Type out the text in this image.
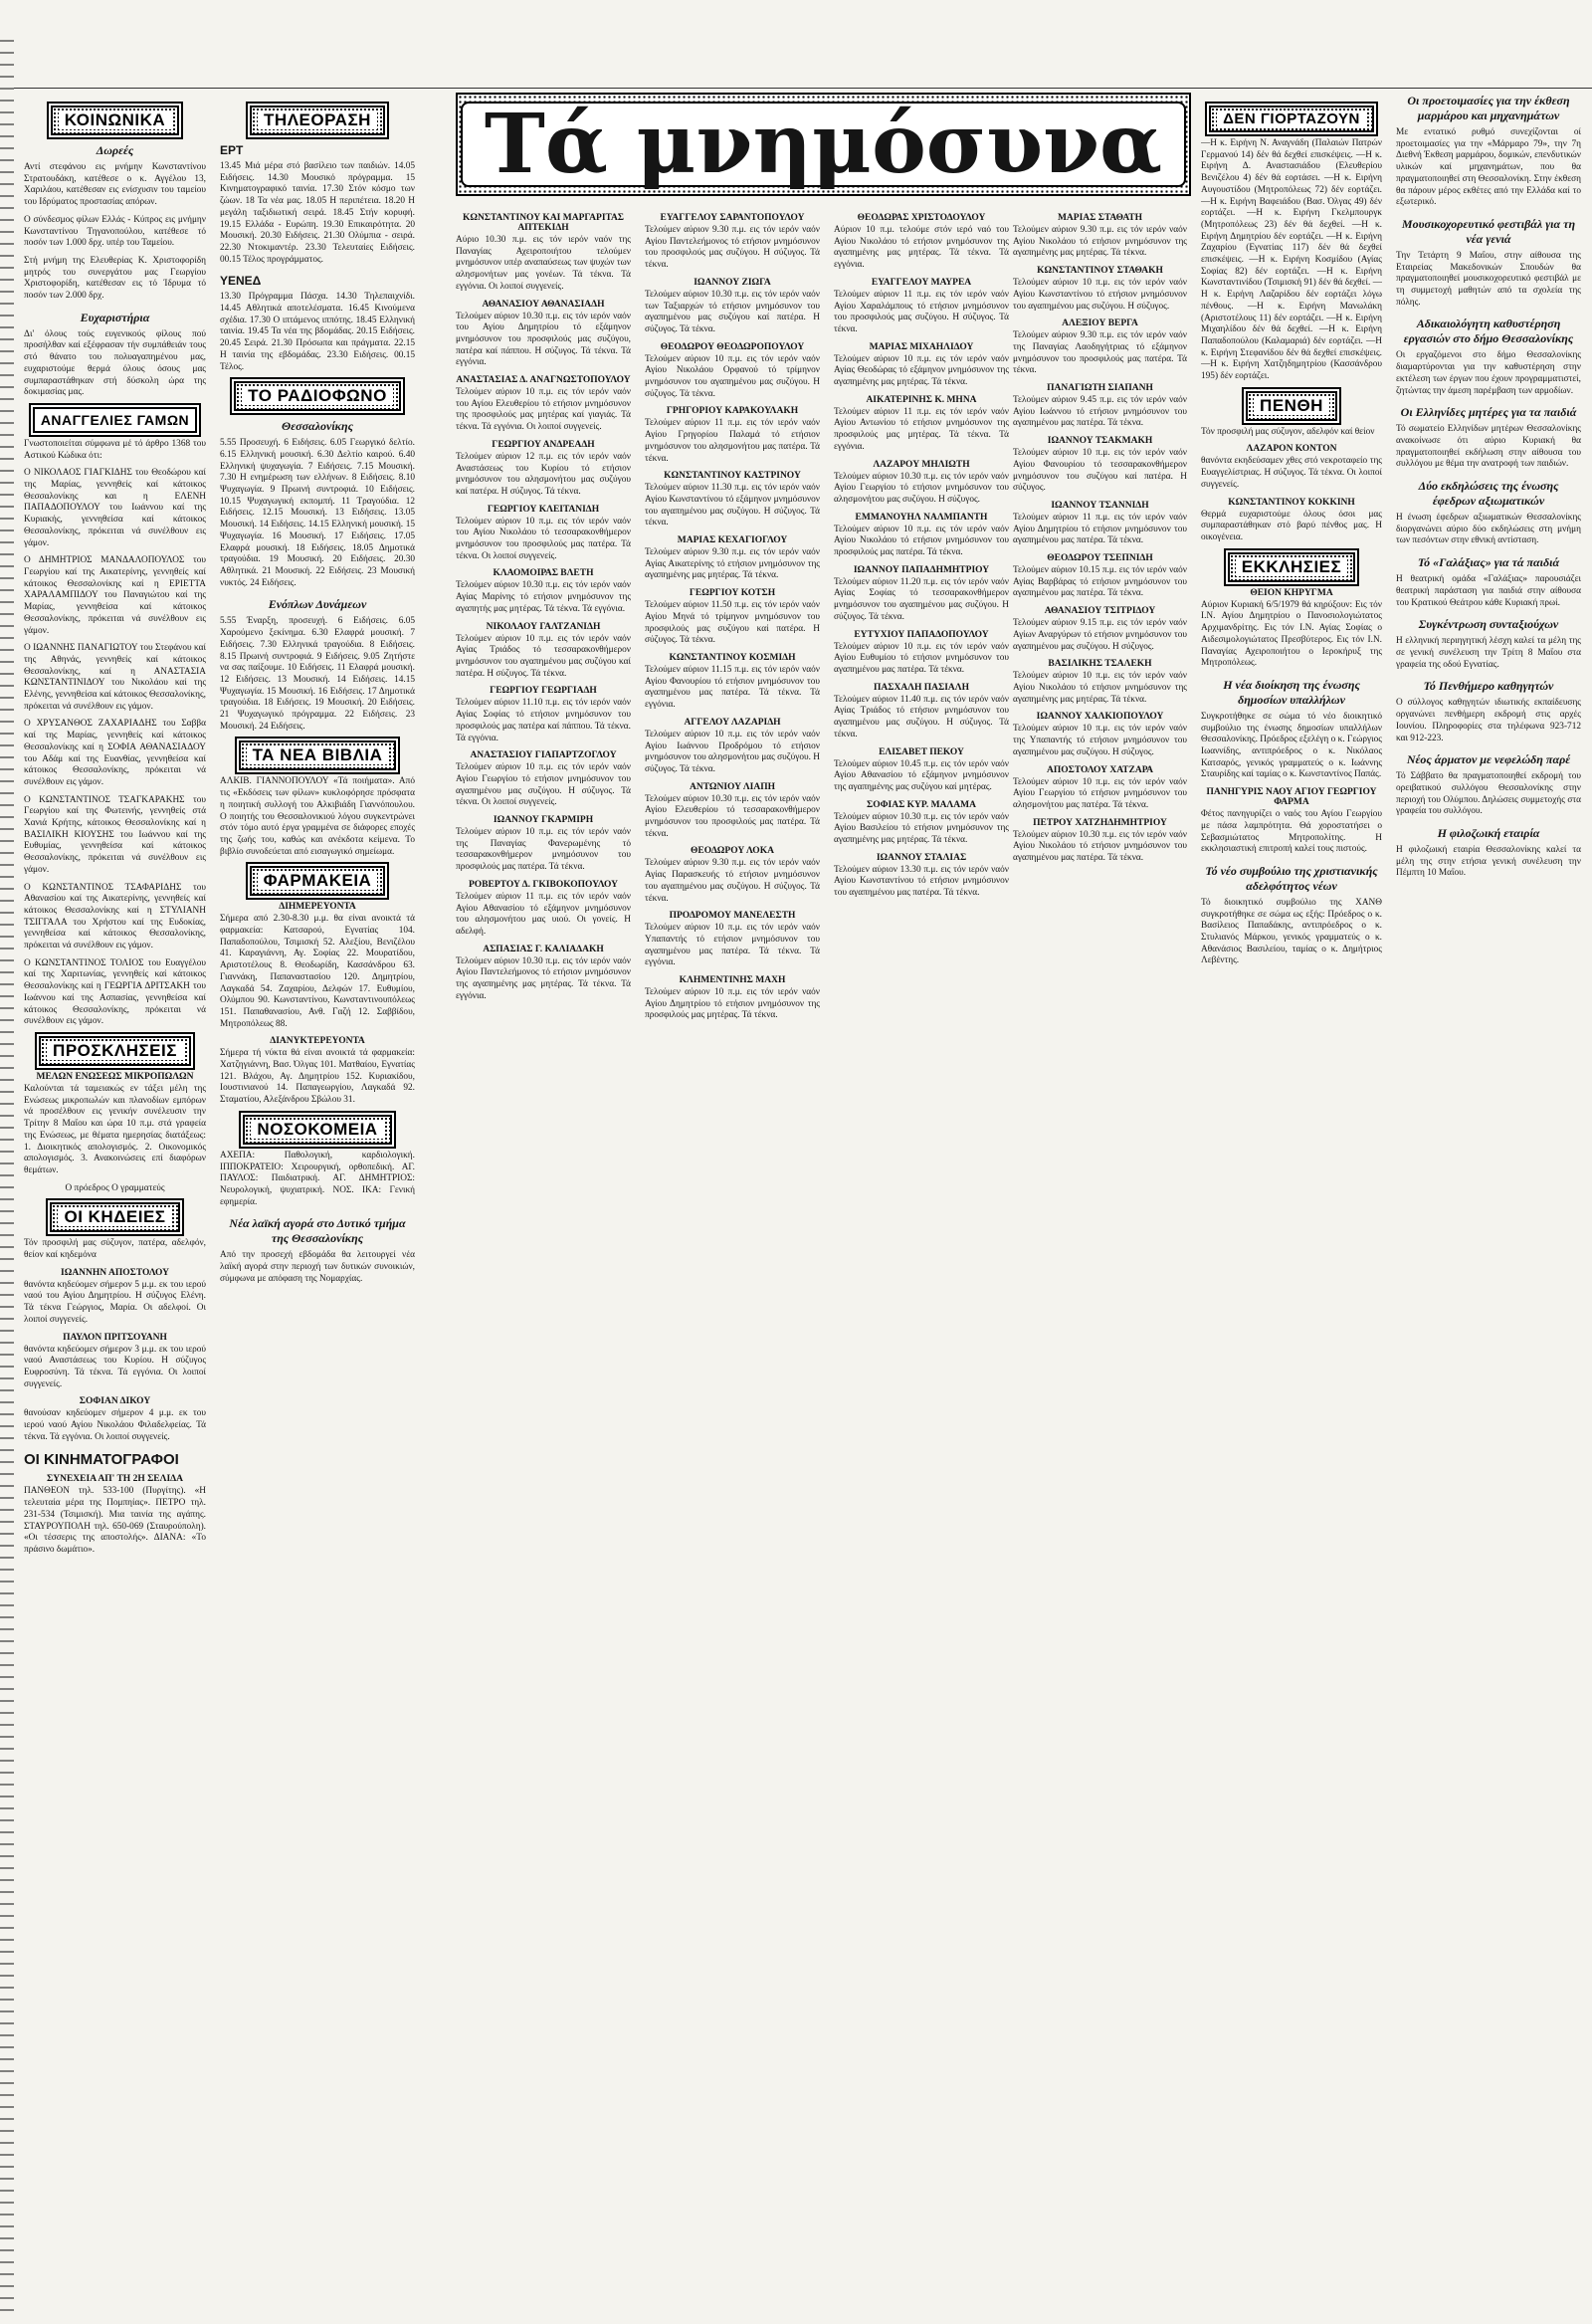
ΚΟΙΝΩΝΙΚΑ
Δωρεές

Αντί στεφάνου εις μνήμην Κωνσταντίνου Στρατουδάκη, κατέθεσε ο κ. Αγγέλου 13, Χαριλάου, κατέθεσαν εις ενίσχυσιν του ταμείου του Ιδρύματος προστασίας απόρων.

Ο σύνδεσμος φίλων Ελλάς - Κύπρος εις μνήμην Κωνσταντίνου Τηγανοπούλου, κατέθεσε τό ποσόν των 1.000 δρχ. υπέρ του Ταμείου.

Στή μνήμη της Ελευθερίας Κ. Χριστοφορίδη μητρός του συνεργάτου μας Γεωργίου Χριστοφορίδη, κατέθεσαν εις τό Ίδρυμα τό ποσόν των 2.000 δρχ.

Ευχαριστήρια

Δι' όλους τούς ευγενικούς φίλους πού προσήλθαν καί εξέφρασαν τήν συμπάθειάν τους στό θάνατο του πολυαγαπημένου μας, ευχαριστούμε θερμά όλους όσους μας συμπαραστάθηκαν στή δύσκολη ώρα της δοκιμασίας μας.

ΑΝΑΓΓΕΛΙΕΣ ΓΑΜΩΝ

Γνωστοποιείται σύμφωνα μέ τό άρθρο 1368 του Αστικού Κώδικα ότι:

Ο ΝΙΚΟΛΑΟΣ ΓΙΑΓΚΙΔΗΣ του Θεοδώρου καί της Μαρίας, γεννηθείς καί κάτοικος Θεσσαλονίκης και η ΕΛΕΝΗ ΠΑΠΑΔΟΠΟΥΛΟΥ του Ιωάννου καί της Κυριακής, γεννηθείσα καί κάτοικος Θεσσαλονίκης, πρόκειται νά συνέλθουν εις γάμον.

Ο ΔΗΜΗΤΡΙΟΣ ΜΑΝΔΑΛΟΠΟΥΛΟΣ του Γεωργίου καί της Αικατερίνης, γεννηθείς καί κάτοικος Θεσσαλονίκης καί η ΕΡΙΕΤΤΑ ΧΑΡΑΛΑΜΠΙΔΟΥ του Παναγιώτου καί της Μαρίας, γεννηθείσα καί κάτοικος Θεσσαλονίκης, πρόκειται νά συνέλθουν εις γάμον.

Ο ΙΩΑΝΝΗΣ ΠΑΝΑΓΙΩΤΟΥ του Στεφάνου καί της Αθηνάς, γεννηθείς καί κάτοικος Θεσσαλονίκης, καί η ΑΝΑΣΤΑΣΙΑ ΚΩΝΣΤΑΝΤΙΝΙΔΟΥ του Νικολάου καί της Ελένης, γεννηθείσα καί κάτοικος Θεσσαλονίκης, πρόκειται νά συνέλθουν εις γάμον.

Ο ΧΡΥΣΑΝΘΟΣ ΖΑΧΑΡΙΑΔΗΣ του Σαββα καί της Μαρίας, γεννηθείς καί κάτοικος Θεσσαλονίκης καί η ΣΟΦΙΑ ΑΘΑΝΑΣΙΑΔΟΥ του Αδάμ καί της Ευανθίας, γεννηθείσα καί κάτοικος Θεσσαλονίκης, πρόκειται νά συνέλθουν εις γάμον.

Ο ΚΩΝΣΤΑΝΤΙΝΟΣ ΤΣΑΓΚΑΡΑΚΗΣ του Γεωργίου καί της Φωτεινής, γεννηθείς στά Χανιά Κρήτης, κάτοικος Θεσσαλονίκης καί η ΒΑΣΙΛΙΚΗ ΚΙΟΥΣΗΣ του Ιωάννου καί της Ευθυμίας, γεννηθείσα καί κάτοικος Θεσσαλονίκης, πρόκειται νά συνέλθουν εις γάμον.

Ο ΚΩΝΣΤΑΝΤΙΝΟΣ ΤΣΑΦΑΡΙΔΗΣ του Αθανασίου καί της Αικατερίνης, γεννηθείς καί κάτοικος Θεσσαλονίκης καί η ΣΤΥΛΙΑΝΗ ΤΣΙΓΓΑΛΑ του Χρήστου καί της Ευδοκίας, γεννηθείσα καί κάτοικος Θεσσαλονίκης, πρόκειται νά συνέλθουν εις γάμον.

Ο ΚΩΝΣΤΑΝΤΙΝΟΣ ΤΟΛΙΟΣ του Ευαγγέλου καί της Χαριτωνίας, γεννηθείς καί κάτοικος Θεσσαλονίκης καί η ΓΕΩΡΓΙΑ ΔΡΙΤΣΑΚΗ του Ιωάννου καί της Ασπασίας, γεννηθείσα καί κάτοικος Θεσσαλονίκης, πρόκειται νά συνέλθουν εις γάμον.

ΠΡΟΣΚΛΗΣΕΙΣ
ΜΕΛΩΝ ΕΝΩΣΕΩΣ ΜΙΚΡΟΠΩΛΩΝ

Καλούνται τά ταμειακώς εν τάξει μέλη της Ενώσεως μικροπωλών και πλανοδίων εμπόρων νά προσέλθουν εις γενικήν συνέλευσιν την Τρίτην 8 Μαΐου και ώρα 10 π.μ. στά γραφεία της Ενώσεως, με θέματα ημερησίας διατάξεως: 1. Διοικητικός απολογισμός. 2. Οικονομικός απολογισμός. 3. Ανακοινώσεις επί διαφόρων θεμάτων.

Ο πρόεδρος Ο γραμματεύς

ΟΙ ΚΗΔΕΙΕΣ

Τόν προσφιλή μας σύζυγον, πατέρα, αδελφόν, θείον καί κηδεμόνα

ΙΩΑΝΝΗΝ ΑΠΟΣΤΟΛΟΥ

θανόντα κηδεύομεν σήμερον 5 μ.μ. εκ του ιερού ναού του Αγίου Δημητρίου. Η σύζυγος Ελένη. Τά τέκνα Γεώργιος, Μαρία. Οι αδελφοί. Οι λοιποί συγγενείς.

ΠΑΥΛΟΝ ΠΡΙΤΣΟΥΑΝΗ

θανόντα κηδεύομεν σήμερον 3 μ.μ. εκ του ιερού ναού Αναστάσεως του Κυρίου. Η σύζυγος Ευφροσύνη. Τά τέκνα. Τά εγγόνια. Οι λοιποί συγγενείς.

ΣΟΦΙΑΝ ΔΙΚΟΥ

θανούσαν κηδεύομεν σήμερον 4 μ.μ. εκ του ιερού ναού Αγίου Νικολάου Φιλαδελφείας. Τά τέκνα. Τά εγγόνια. Οι λοιποί συγγενείς.

ΟΙ ΚΙΝΗΜΑΤΟΓΡΑΦΟΙ
ΣΥΝΕΧΕΙΑ ΑΠ' ΤΗ 2Η ΣΕΛΙΔΑ

ΠΑΝΘΕΟΝ τηλ. 533-100 (Πυργίτης). «Η τελευταία μέρα της Πομπηίας». ΠΕΤΡΟ τηλ. 231-534 (Τσιμισκή). Μια ταινία της αγάπης. ΣΤΑΥΡΟΥΠΟΛΗ τηλ. 650-069 (Σταυρούπολη). «Οι τέσσερις της αποστολής». ΔΙΑΝΑ: «Το πράσινο δωμάτιο».

ΤΗΛΕΟΡΑΣΗ
ΕΡΤ

13.45 Μιά μέρα στό βασίλειο των παιδιών. 14.05 Ειδήσεις. 14.30 Μουσικό πρόγραμμα. 15 Κινηματογραφικό ταινία. 17.30 Στόν κόσμο των ζώων. 18 Τα νέα μας. 18.05 Η περιπέτεια. 18.20 Η μεγάλη ταξιδιωτική σειρά. 18.45 Στήν κορυφή. 19.15 Ελλάδα - Ευρώπη. 19.30 Επικαιρότητα. 20 Μουσική. 20.30 Ειδήσεις. 21.30 Ολύμπια - σειρά. 22.30 Ντοκιμαντέρ. 23.30 Τελευταίες Ειδήσεις. 00.15 Τέλος προγράμματος.

ΥΕΝΕΔ

13.30 Πρόγραμμα Πάσχα. 14.30 Τηλεπαιχνίδι. 14.45 Αθλητικά αποτελέσματα. 16.45 Κινούμενα σχέδια. 17.30 Ο ιπτάμενος ιππότης. 18.45 Ελληνική ταινία. 19.45 Τα νέα της βδομάδας. 20.15 Ειδήσεις. 20.45 Σειρά. 21.30 Πρόσωπα και πράγματα. 22.15 Η ταινία της εβδομάδας. 23.30 Ειδήσεις. 00.15 Τέλος.

ΤΟ ΡΑΔΙΟΦΩΝΟ
Θεσσαλονίκης

5.55 Προσευχή. 6 Ειδήσεις. 6.05 Γεωργικό δελτίο. 6.15 Ελληνική μουσική. 6.30 Δελτίο καιρού. 6.40 Ελληνική ψυχαγωγία. 7 Ειδήσεις. 7.15 Μουσική. 7.30 Η ενημέρωση των ελλήνων. 8 Ειδήσεις. 8.10 Ψυχαγωγία. 9 Πρωινή συντροφιά. 10 Ειδήσεις. 10.15 Ψυχαγωγική εκπομπή. 11 Τραγούδια. 12 Ειδήσεις. 12.15 Μουσική. 13 Ειδήσεις. 13.05 Μουσική. 14 Ειδήσεις. 14.15 Ελληνική μουσική. 15 Ψυχαγωγία. 16 Μουσική. 17 Ειδήσεις. 17.05 Ελαφρά μουσική. 18 Ειδήσεις. 18.05 Δημοτικά τραγούδια. 19 Μουσική. 20 Ειδήσεις. 20.30 Αθλητικά. 21 Μουσική. 22 Ειδήσεις. 23 Μουσική νυκτός. 24 Ειδήσεις.

Ενόπλων Δυνάμεων

5.55 Έναρξη, προσευχή. 6 Ειδήσεις. 6.05 Χαρούμενο ξεκίνημα. 6.30 Ελαφρά μουσική. 7 Ειδήσεις. 7.30 Ελληνικά τραγούδια. 8 Ειδήσεις. 8.15 Πρωινή συντροφιά. 9 Ειδήσεις. 9.05 Ζητήστε να σας παίξουμε. 10 Ειδήσεις. 11 Ελαφρά μουσική. 12 Ειδήσεις. 13 Μουσική. 14 Ειδήσεις. 14.15 Ψυχαγωγία. 15 Μουσική. 16 Ειδήσεις. 17 Δημοτικά τραγούδια. 18 Ειδήσεις. 19 Μουσική. 20 Ειδήσεις. 21 Ψυχαγωγικό πρόγραμμα. 22 Ειδήσεις. 23 Μουσική. 24 Ειδήσεις.

ΤΑ ΝΕΑ ΒΙΒΛΙΑ

ΑΛΚΙΒ. ΓΙΑΝΝΟΠΟΥΛΟΥ «Τά ποιήματα». Από τις «Εκδόσεις των φίλων» κυκλοφόρησε πρόσφατα η ποιητική συλλογή του Αλκιβιάδη Γιαννόπουλου. Ο ποιητής του Θεσσαλονικιού λόγου συγκεντρώνει στόν τόμο αυτό έργα γραμμένα σε διάφορες εποχές της ζωής του, καθώς και ανέκδοτα κείμενα. Το βιβλίο συνοδεύεται από εισαγωγικό σημείωμα.

ΦΑΡΜΑΚΕΙΑ
ΔΙΗΜΕΡΕΥΟΝΤΑ

Σήμερα από 2.30-8.30 μ.μ. θα είναι ανοικτά τά φαρμακεία: Κατσαρού, Εγνατίας 104. Παπαδοπούλου, Τσιμισκή 52. Αλεξίου, Βενιζέλου 41. Καραγιάννη, Αγ. Σοφίας 22. Μουρατίδου, Αριστοτέλους 8. Θεοδωρίδη, Κασσάνδρου 63. Γιαννάκη, Παπαναστασίου 120. Δημητρίου, Λαγκαδά 54. Ζαχαρίου, Δελφών 17. Ευθυμίου, Ολύμπου 90. Κωνσταντίνου, Κωνσταντινουπόλεως 151. Παπαθανασίου, Ανθ. Γαζή 12. Σαββίδου, Μητροπόλεως 88.

ΔΙΑΝΥΚΤΕΡΕΥΟΝΤΑ

Σήμερα τή νύκτα θά είναι ανοικτά τά φαρμακεία: Χατζηγιάννη, Βασ. Όλγας 101. Ματθαίου, Εγνατίας 121. Βλάχου, Αγ. Δημητρίου 152. Κυριακίδου, Ιουστινιανού 14. Παπαγεωργίου, Λαγκαδά 92. Σταματίου, Αλεξάνδρου Σβώλου 31.

ΝΟΣΟΚΟΜΕΙΑ

ΑΧΕΠΑ: Παθολογική, καρδιολογική. ΙΠΠΟΚΡΑΤΕΙΟ: Χειρουργική, ορθοπεδική. ΑΓ. ΠΑΥΛΟΣ: Παιδιατρική. ΑΓ. ΔΗΜΗΤΡΙΟΣ: Νευρολογική, ψυχιατρική. ΝΟΣ. ΙΚΑ: Γενική εφημερία.

Νέα λαϊκή αγορά στο Δυτικό τμήμα της Θεσσαλονίκης

Από την προσεχή εβδομάδα θα λειτουργεί νέα λαϊκή αγορά στην περιοχή των δυτικών συνοικιών, σύμφωνα με απόφαση της Νομαρχίας.

Τά μνημόσυνα
ΚΩΝΣΤΑΝΤΙΝΟΥ ΚΑΙ ΜΑΡΓΑΡΙΤΑΣ ΑΠΤΕΚΙΔΗ

Αύριο 10.30 π.μ. εις τόν ιερόν ναόν της Παναγίας Αχειροποιήτου τελούμεν μνημόσυνον υπέρ αναπαύσεως των ψυχών των αλησμονήτων μας γονέων. Τά τέκνα. Τά εγγόνια. Οι λοιποί συγγενείς.

ΑΘΑΝΑΣΙΟΥ ΑΘΑΝΑΣΙΑΔΗ

Τελούμεν αύριον 10.30 π.μ. εις τόν ιερόν ναόν του Αγίου Δημητρίου τό εξάμηνον μνημόσυνον του προσφιλούς μας συζύγου, πατέρα καί πάππου. Η σύζυγος. Τά τέκνα. Τά εγγόνια.

ΑΝΑΣΤΑΣΙΑΣ Δ. ΑΝΑΓΝΩΣΤΟΠΟΥΛΟΥ

Τελούμεν αύριον 10 π.μ. εις τόν ιερόν ναόν του Αγίου Ελευθερίου τό ετήσιον μνημόσυνον της προσφιλούς μας μητέρας καί γιαγιάς. Τά τέκνα. Τά εγγόνια. Οι λοιποί συγγενείς.

ΓΕΩΡΓΙΟΥ ΑΝΔΡΕΑΔΗ

Τελούμεν αύριον 12 π.μ. εις τόν ιερόν ναόν Αναστάσεως του Κυρίου τό ετήσιον μνημόσυνον του αλησμονήτου μας συζύγου καί πατέρα. Η σύζυγος. Τά τέκνα.

ΓΕΩΡΓΙΟΥ ΚΛΕΙΤΑΝΙΔΗ

Τελούμεν αύριον 10 π.μ. εις τόν ιερόν ναόν του Αγίου Νικολάου τό τεσσαρακονθήμερον μνημόσυνον του προσφιλούς μας πατέρα. Τά τέκνα. Οι λοιποί συγγενείς.

ΚΛΑΟΜΟΙΡΑΣ ΒΛΕΤΗ

Τελούμεν αύριον 10.30 π.μ. εις τόν ιερόν ναόν Αγίας Μαρίνης τό ετήσιον μνημόσυνον της αγαπητής μας μητέρας. Τά τέκνα. Τά εγγόνια.

ΝΙΚΟΛΑΟΥ ΓΑΛΤΖΑΝΙΔΗ

Τελούμεν αύριον 10 π.μ. εις τόν ιερόν ναόν Αγίας Τριάδος τό τεσσαρακονθήμερον μνημόσυνον του αγαπημένου μας συζύγου καί πατέρα. Η σύζυγος. Τά τέκνα.

ΓΕΩΡΓΙΟΥ ΓΕΩΡΓΙΑΔΗ

Τελούμεν αύριον 11.10 π.μ. εις τόν ιερόν ναόν Αγίας Σοφίας τό ετήσιον μνημόσυνον του προσφιλούς μας πατέρα καί πάππου. Τά τέκνα. Τά εγγόνια.

ΑΝΑΣΤΑΣΙΟΥ ΓΙΑΠΑΡΤΖΟΓΛΟΥ

Τελούμεν αύριον 10 π.μ. εις τόν ιερόν ναόν Αγίου Γεωργίου τό ετήσιον μνημόσυνον του αγαπημένου μας συζύγου. Η σύζυγος. Τά τέκνα. Οι λοιποί συγγενείς.

ΙΩΑΝΝΟΥ ΓΚΑΡΜΙΡΗ

Τελούμεν αύριον 10 π.μ. εις τόν ιερόν ναόν της Παναγίας Φανερωμένης τό τεσσαρακονθήμερον μνημόσυνον του προσφιλούς μας πατέρα. Τά τέκνα.

ΡΟΒΕΡΤΟΥ Δ. ΓΚΙΒΟΚΟΠΟΥΛΟΥ

Τελούμεν αύριον 11 π.μ. εις τόν ιερόν ναόν Αγίου Αθανασίου τό εξάμηνον μνημόσυνον του αλησμονήτου μας υιού. Οι γονείς. Η αδελφή.

ΑΣΠΑΣΙΑΣ Γ. ΚΑΛΙΑΔΑΚΗ

Τελούμεν αύριον 10.30 π.μ. εις τόν ιερόν ναόν Αγίου Παντελεήμονος τό ετήσιον μνημόσυνον της αγαπημένης μας μητέρας. Τά τέκνα. Τά εγγόνια.

ΕΥΑΓΓΕΛΟΥ ΣΑΡΑΝΤΟΠΟΥΛΟΥ

Τελούμεν αύριον 9.30 π.μ. εις τόν ιερόν ναόν Αγίου Παντελεήμονος τό ετήσιον μνημόσυνον του προσφιλούς μας συζύγου. Η σύζυγος. Τά τέκνα.

ΙΩΑΝΝΟΥ ΖΙΩΓΑ

Τελούμεν αύριον 10.30 π.μ. εις τόν ιερόν ναόν των Ταξιαρχών τό ετήσιον μνημόσυνον του αγαπημένου μας συζύγου καί πατέρα. Η σύζυγος. Τά τέκνα.

ΘΕΟΔΩΡΟΥ ΘΕΟΔΩΡΟΠΟΥΛΟΥ

Τελούμεν αύριον 10 π.μ. εις τόν ιερόν ναόν Αγίου Νικολάου Ορφανού τό τρίμηνον μνημόσυνον του αγαπημένου μας συζύγου. Η σύζυγος. Τά τέκνα.

ΓΡΗΓΟΡΙΟΥ ΚΑΡΑΚΟΥΛΑΚΗ

Τελούμεν αύριον 11 π.μ. εις τόν ιερόν ναόν Αγίου Γρηγορίου Παλαμά τό ετήσιον μνημόσυνον του αλησμονήτου μας πατέρα. Τά τέκνα.

ΚΩΝΣΤΑΝΤΙΝΟΥ ΚΑΣΤΡΙΝΟΥ

Τελούμεν αύριον 11.30 π.μ. εις τόν ιερόν ναόν Αγίου Κωνσταντίνου τό εξάμηνον μνημόσυνον του αγαπημένου μας συζύγου. Η σύζυγος. Τά τέκνα.

ΜΑΡΙΑΣ ΚΕΧΑΓΙΟΓΛΟΥ

Τελούμεν αύριον 9.30 π.μ. εις τόν ιερόν ναόν Αγίας Αικατερίνης τό ετήσιον μνημόσυνον της αγαπημένης μας μητέρας. Τά τέκνα.

ΓΕΩΡΓΙΟΥ ΚΟΤΣΗ

Τελούμεν αύριον 11.50 π.μ. εις τόν ιερόν ναόν Αγίου Μηνά τό τρίμηνον μνημόσυνον του προσφιλούς μας συζύγου καί πατέρα. Η σύζυγος. Τά τέκνα.

ΚΩΝΣΤΑΝΤΙΝΟΥ ΚΟΣΜΙΔΗ

Τελούμεν αύριον 11.15 π.μ. εις τόν ιερόν ναόν Αγίου Φανουρίου τό ετήσιον μνημόσυνον του αγαπημένου μας πατέρα. Τά τέκνα. Τά εγγόνια.

ΑΓΓΕΛΟΥ ΛΑΖΑΡΙΔΗ

Τελούμεν αύριον 10 π.μ. εις τόν ιερόν ναόν Αγίου Ιωάννου Προδρόμου τό ετήσιον μνημόσυνον του αλησμονήτου μας συζύγου. Η σύζυγος. Τά τέκνα.

ΑΝΤΩΝΙΟΥ ΛΙΑΠΗ

Τελούμεν αύριον 10.30 π.μ. εις τόν ιερόν ναόν Αγίου Ελευθερίου τό τεσσαρακονθήμερον μνημόσυνον του προσφιλούς μας πατέρα. Τά τέκνα.

ΘΕΟΔΩΡΟΥ ΛΟΚΑ

Τελούμεν αύριον 9.30 π.μ. εις τόν ιερόν ναόν Αγίας Παρασκευής τό ετήσιον μνημόσυνον του αγαπημένου μας συζύγου. Η σύζυγος. Τά τέκνα.

ΠΡΟΔΡΟΜΟΥ ΜΑΝΕΛΕΣΤΗ

Τελούμεν αύριον 10 π.μ. εις τόν ιερόν ναόν Υπαπαντής τό ετήσιον μνημόσυνον του αγαπημένου μας πατέρα. Τά τέκνα. Τά εγγόνια.

ΚΛΗΜΕΝΤΙΝΗΣ ΜΑΧΗ

Τελούμεν αύριον 10 π.μ. εις τόν ιερόν ναόν Αγίου Δημητρίου τό ετήσιον μνημόσυνον της προσφιλούς μας μητέρας. Τά τέκνα.

ΘΕΟΔΩΡΑΣ ΧΡΙΣΤΟΔΟΥΛΟΥ

Αύριον 10 π.μ. τελούμε στόν ιερό ναό του Αγίου Νικολάου τό ετήσιον μνημόσυνον της αγαπημένης μας μητέρας. Τά τέκνα. Τά εγγόνια.

ΕΥΑΓΓΕΛΟΥ ΜΑΥΡΕΑ

Τελούμεν αύριον 11 π.μ. εις τόν ιερόν ναόν Αγίου Χαραλάμπους τό ετήσιον μνημόσυνον του προσφιλούς μας συζύγου. Η σύζυγος. Τά τέκνα.

ΜΑΡΙΑΣ ΜΙΧΑΗΛΙΔΟΥ

Τελούμεν αύριον 10 π.μ. εις τόν ιερόν ναόν Αγίας Θεοδώρας τό εξάμηνον μνημόσυνον της αγαπημένης μας μητέρας. Τά τέκνα.

ΑΙΚΑΤΕΡΙΝΗΣ Κ. ΜΗΝΑ

Τελούμεν αύριον 11 π.μ. εις τόν ιερόν ναόν Αγίου Αντωνίου τό ετήσιον μνημόσυνον της προσφιλούς μας μητέρας. Τά τέκνα. Τά εγγόνια.

ΛΑΖΑΡΟΥ ΜΗΛΙΩΤΗ

Τελούμεν αύριον 10.30 π.μ. εις τόν ιερόν ναόν Αγίου Γεωργίου τό ετήσιον μνημόσυνον του αλησμονήτου μας συζύγου. Η σύζυγος.

ΕΜΜΑΝΟΥΗΛ ΝΑΛΜΠΑΝΤΗ

Τελούμεν αύριον 10 π.μ. εις τόν ιερόν ναόν Αγίου Νικολάου τό ετήσιον μνημόσυνον του προσφιλούς μας πατέρα. Τά τέκνα.

ΙΩΑΝΝΟΥ ΠΑΠΑΔΗΜΗΤΡΙΟΥ

Τελούμεν αύριον 11.20 π.μ. εις τόν ιερόν ναόν Αγίας Σοφίας τό τεσσαρακονθήμερον μνημόσυνον του αγαπημένου μας συζύγου. Η σύζυγος. Τά τέκνα.

ΕΥΤΥΧΙΟΥ ΠΑΠΑΔΟΠΟΥΛΟΥ

Τελούμεν αύριον 10 π.μ. εις τόν ιερόν ναόν Αγίου Ευθυμίου τό ετήσιον μνημόσυνον του αγαπημένου μας πατέρα. Τά τέκνα.

ΠΑΣΧΑΛΗ ΠΑΣΙΑΛΗ

Τελούμεν αύριον 11.40 π.μ. εις τόν ιερόν ναόν Αγίας Τριάδος τό ετήσιον μνημόσυνον του αγαπημένου μας συζύγου. Η σύζυγος. Τά τέκνα.

ΕΛΙΣΑΒΕΤ ΠΕΚΟΥ

Τελούμεν αύριον 10.45 π.μ. εις τόν ιερόν ναόν Αγίου Αθανασίου τό εξάμηνον μνημόσυνον της αγαπημένης μας συζύγου καί μητέρας.

ΣΟΦΙΑΣ ΚΥΡ. ΜΑΛΑΜΑ

Τελούμεν αύριον 10.30 π.μ. εις τόν ιερόν ναόν Αγίου Βασιλείου τό ετήσιον μνημόσυνον της αγαπημένης μας μητέρας. Τά τέκνα.

ΙΩΑΝΝΟΥ ΣΤΑΛΙΑΣ

Τελούμεν αύριον 13.30 π.μ. εις τόν ιερόν ναόν Αγίου Κωνσταντίνου τό ετήσιον μνημόσυνον του αγαπημένου μας πατέρα. Τά τέκνα.

ΜΑΡΙΑΣ ΣΤΑΘΑΤΗ

Τελούμεν αύριον 9.30 π.μ. εις τόν ιερόν ναόν Αγίου Νικολάου τό ετήσιον μνημόσυνον της αγαπημένης μας μητέρας. Τά τέκνα.

ΚΩΝΣΤΑΝΤΙΝΟΥ ΣΤΑΘΑΚΗ

Τελούμεν αύριον 10 π.μ. εις τόν ιερόν ναόν Αγίου Κωνσταντίνου τό ετήσιον μνημόσυνον του αγαπημένου μας συζύγου. Η σύζυγος.

ΑΛΕΞΙΟΥ ΒΕΡΓΑ

Τελούμεν αύριον 9.30 π.μ. εις τόν ιερόν ναόν της Παναγίας Λαοδηγήτριας τό εξάμηνον μνημόσυνον του προσφιλούς μας πατέρα. Τά τέκνα.

ΠΑΝΑΓΙΩΤΗ ΣΙΑΠΑΝΗ

Τελούμεν αύριον 9.45 π.μ. εις τόν ιερόν ναόν Αγίου Ιωάννου τό ετήσιον μνημόσυνον του αγαπημένου μας πατέρα. Τά τέκνα.

ΙΩΑΝΝΟΥ ΤΣΑΚΜΑΚΗ

Τελούμεν αύριον 10 π.μ. εις τόν ιερόν ναόν Αγίου Φανουρίου τό τεσσαρακονθήμερον μνημόσυνον του συζύγου καί πατέρα. Η σύζυγος.

ΙΩΑΝΝΟΥ ΤΣΑΝΝΙΔΗ

Τελούμεν αύριον 11 π.μ. εις τόν ιερόν ναόν Αγίου Δημητρίου τό ετήσιον μνημόσυνον του αγαπημένου μας πατέρα. Τά τέκνα.

ΘΕΟΔΩΡΟΥ ΤΣΕΠΝΙΔΗ

Τελούμεν αύριον 10.15 π.μ. εις τόν ιερόν ναόν Αγίας Βαρβάρας τό ετήσιον μνημόσυνον του αγαπημένου μας πατέρα. Τά τέκνα.

ΑΘΑΝΑΣΙΟΥ ΤΣΙΤΡΙΔΟΥ

Τελούμεν αύριον 9.15 π.μ. εις τόν ιερόν ναόν Αγίων Αναργύρων τό ετήσιον μνημόσυνον του αγαπημένου μας συζύγου. Η σύζυγος.

ΒΑΣΙΛΙΚΗΣ ΤΣΑΛΕΚΗ

Τελούμεν αύριον 10 π.μ. εις τόν ιερόν ναόν Αγίου Νικολάου τό ετήσιον μνημόσυνον της αγαπημένης μας μητέρας. Τά τέκνα.

ΙΩΑΝΝΟΥ ΧΑΛΚΙΟΠΟΥΛΟΥ

Τελούμεν αύριον 10 π.μ. εις τόν ιερόν ναόν της Υπαπαντής τό ετήσιον μνημόσυνον του αγαπημένου μας συζύγου. Η σύζυγος.

ΑΠΟΣΤΟΛΟΥ ΧΑΤΖΑΡΑ

Τελούμεν αύριον 10 π.μ. εις τόν ιερόν ναόν Αγίου Γεωργίου τό ετήσιον μνημόσυνον του αλησμονήτου μας πατέρα. Τά τέκνα.

ΠΕΤΡΟΥ ΧΑΤΖΗΔΗΜΗΤΡΙΟΥ

Τελούμεν αύριον 10.30 π.μ. εις τόν ιερόν ναόν Αγίου Νικολάου τό ετήσιον μνημόσυνον του αγαπημένου μας πατέρα. Τά τέκνα.

ΔΕΝ ΓΙΟΡΤΑΖΟΥΝ

—Η κ. Ειρήνη Ν. Αναγνάδη (Παλαιών Πατρών Γερμανού 14) δέν θά δεχθεί επισκέψεις. —Η κ. Ειρήνη Δ. Αναστασιάδου (Ελευθερίου Βενιζέλου 4) δέν θά εορτάσει. —Η κ. Ειρήνη Αυγουστίδου (Μητροπόλεως 72) δέν εορτάζει. —Η κ. Ειρήνη Βαφειάδου (Βασ. Όλγας 49) δέν εορτάζει. —Η κ. Ειρήνη Γκελμπουργκ (Μητροπόλεως 23) δέν θά δεχθεί. —Η κ. Ειρήνη Δημητρίου δέν εορτάζει. —Η κ. Ειρήνη Ζαχαρίου (Εγνατίας 117) δέν θά δεχθεί επισκέψεις. —Η κ. Ειρήνη Κοσμίδου (Αγίας Σοφίας 82) δέν εορτάζει. —Η κ. Ειρήνη Κωνσταντινίδου (Τσιμισκή 91) δέν θά δεχθεί. —Η κ. Ειρήνη Λαζαρίδου δέν εορτάζει λόγω πένθους. —Η κ. Ειρήνη Μανωλάκη (Αριστοτέλους 11) δέν εορτάζει. —Η κ. Ειρήνη Μιχαηλίδου δέν θά δεχθεί. —Η κ. Ειρήνη Παπαδοπούλου (Καλαμαριά) δέν εορτάζει. —Η κ. Ειρήνη Στεφανίδου δέν θά δεχθεί επισκέψεις. —Η κ. Ειρήνη Χατζηδημητρίου (Κασσάνδρου 195) δέν εορτάζει.

ΠΕΝΘΗ

Τόν προσφιλή μας σύζυγον, αδελφόν καί θείον

ΛΑΖΑΡΟΝ ΚΟΝΤΟΝ

θανόντα εκηδεύσαμεν χθες στό νεκροταφείο της Ευαγγελίστριας. Η σύζυγος. Τά τέκνα. Οι λοιποί συγγενείς.

ΚΩΝΣΤΑΝΤΙΝΟΥ ΚΟΚΚΙΝΗ

Θερμά ευχαριστούμε όλους όσοι μας συμπαραστάθηκαν στό βαρύ πένθος μας. Η οικογένεια.

ΕΚΚΛΗΣΙΕΣ
ΘΕΙΟΝ ΚΗΡΥΓΜΑ

Αύριον Κυριακή 6/5/1979 θά κηρύξουν: Εις τόν Ι.Ν. Αγίου Δημητρίου ο Πανοσιολογιώτατος Αρχιμανδρίτης. Εις τόν Ι.Ν. Αγίας Σοφίας ο Αιδεσιμολογιώτατος Πρεσβύτερος. Εις τόν Ι.Ν. Παναγίας Αχειροποιήτου ο Ιεροκήρυξ της Μητροπόλεως.

Η νέα διοίκηση της ένωσης δημοσίων υπαλλήλων

Συγκροτήθηκε σε σώμα τό νέο διοικητικό συμβούλιο της ένωσης δημοσίων υπαλλήλων Θεσσαλονίκης. Πρόεδρος εξελέγη ο κ. Γεώργιος Ιωαννίδης, αντιπρόεδρος ο κ. Νικόλαος Κατσαρός, γενικός γραμματεύς ο κ. Ιωάννης Σταυρίδης καί ταμίας ο κ. Κωνσταντίνος Παπάς.

ΠΑΝΗΓΥΡΙΣ ΝΑΟΥ ΑΓΙΟΥ ΓΕΩΡΓΙΟΥ ΦΑΡΜΑ

Φέτος πανηγυρίζει ο ναός του Αγίου Γεωργίου με πάσα λαμπρότητα. Θά χοροστατήσει ο Σεβασμιώτατος Μητροπολίτης. Η εκκλησιαστική επιτροπή καλεί τους πιστούς.

Τό νέο συμβούλιο της χριστιανικής αδελφότητος νέων

Τό διοικητικό συμβούλιο της ΧΑΝΘ συγκροτήθηκε σε σώμα ως εξής: Πρόεδρος ο κ. Βασίλειος Παπαδάκης, αντιπρόεδρος ο κ. Στυλιανός Μάρκου, γενικός γραμματεύς ο κ. Αθανάσιος Βασιλείου, ταμίας ο κ. Δημήτριος Λεβέντης.

Οι προετοιμασίες για την έκθεση μαρμάρου και μηχανημάτων

Με εντατικό ρυθμό συνεχίζονται οί προετοιμασίες για την «Μάρμαρο 79», την 7η Διεθνή Έκθεση μαρμάρου, δομικών, επενδυτικών υλικών καί μηχανημάτων, που θα πραγματοποιηθεί στη Θεσσαλονίκη. Στην έκθεση θα πάρουν μέρος εκθέτες από την Ελλάδα καί το εξωτερικό.

Μουσικοχορευτικό φεστιβάλ για τη νέα γενιά

Την Τετάρτη 9 Μαΐου, στην αίθουσα της Εταιρείας Μακεδονικών Σπουδών θα πραγματοποιηθεί μουσικοχορευτικό φεστιβάλ με τη συμμετοχή μαθητών από τα σχολεία της πόλης.

Αδικαιολόγητη καθυστέρηση εργασιών στο δήμο Θεσσαλονίκης

Οι εργαζόμενοι στο δήμο Θεσσαλονίκης διαμαρτύρονται για την καθυστέρηση στην εκτέλεση των έργων που έχουν προγραμματιστεί, ζητώντας την άμεση παρέμβαση των αρμοδίων.

Οι Ελληνίδες μητέρες για τα παιδιά

Τό σωματείο Ελληνίδων μητέρων Θεσσαλονίκης ανακοίνωσε ότι αύριο Κυριακή θα πραγματοποιηθεί εκδήλωση στην αίθουσα του συλλόγου με θέμα την ανατροφή των παιδιών.

Δύο εκδηλώσεις της ένωσης έφεδρων αξιωματικών

Η ένωση έφεδρων αξιωματικών Θεσσαλονίκης διοργανώνει αύριο δύο εκδηλώσεις στη μνήμη των πεσόντων στην εθνική αντίσταση.

Τό «Γαλάξιας» για τά παιδιά

Η θεατρική ομάδα «Γαλάξιας» παρουσιάζει θεατρική παράσταση για παιδιά στην αίθουσα του Κρατικού Θεάτρου κάθε Κυριακή πρωί.

Συγκέντρωση συνταξιούχων

Η ελληνική περιηγητική λέσχη καλεί τα μέλη της σε γενική συνέλευση την Τρίτη 8 Μαΐου στα γραφεία της οδού Εγνατίας.

Τό Πενθήμερο καθηγητών

Ο σύλλογος καθηγητών ιδιωτικής εκπαίδευσης οργανώνει πενθήμερη εκδρομή στις αρχές Ιουνίου. Πληροφορίες στα τηλέφωνα 923-712 και 912-223.

Νέος άρματον με νεφελώδη παρέ

Τό Σάββατο θα πραγματοποιηθεί εκδρομή του ορειβατικού συλλόγου Θεσσαλονίκης στην περιοχή του Ολύμπου. Δηλώσεις συμμετοχής στα γραφεία του συλλόγου.

Η φιλοζωική εταιρία

Η φιλοζωική εταιρία Θεσσαλονίκης καλεί τα μέλη της στην ετήσια γενική συνέλευση την Πέμπτη 10 Μαΐου.
